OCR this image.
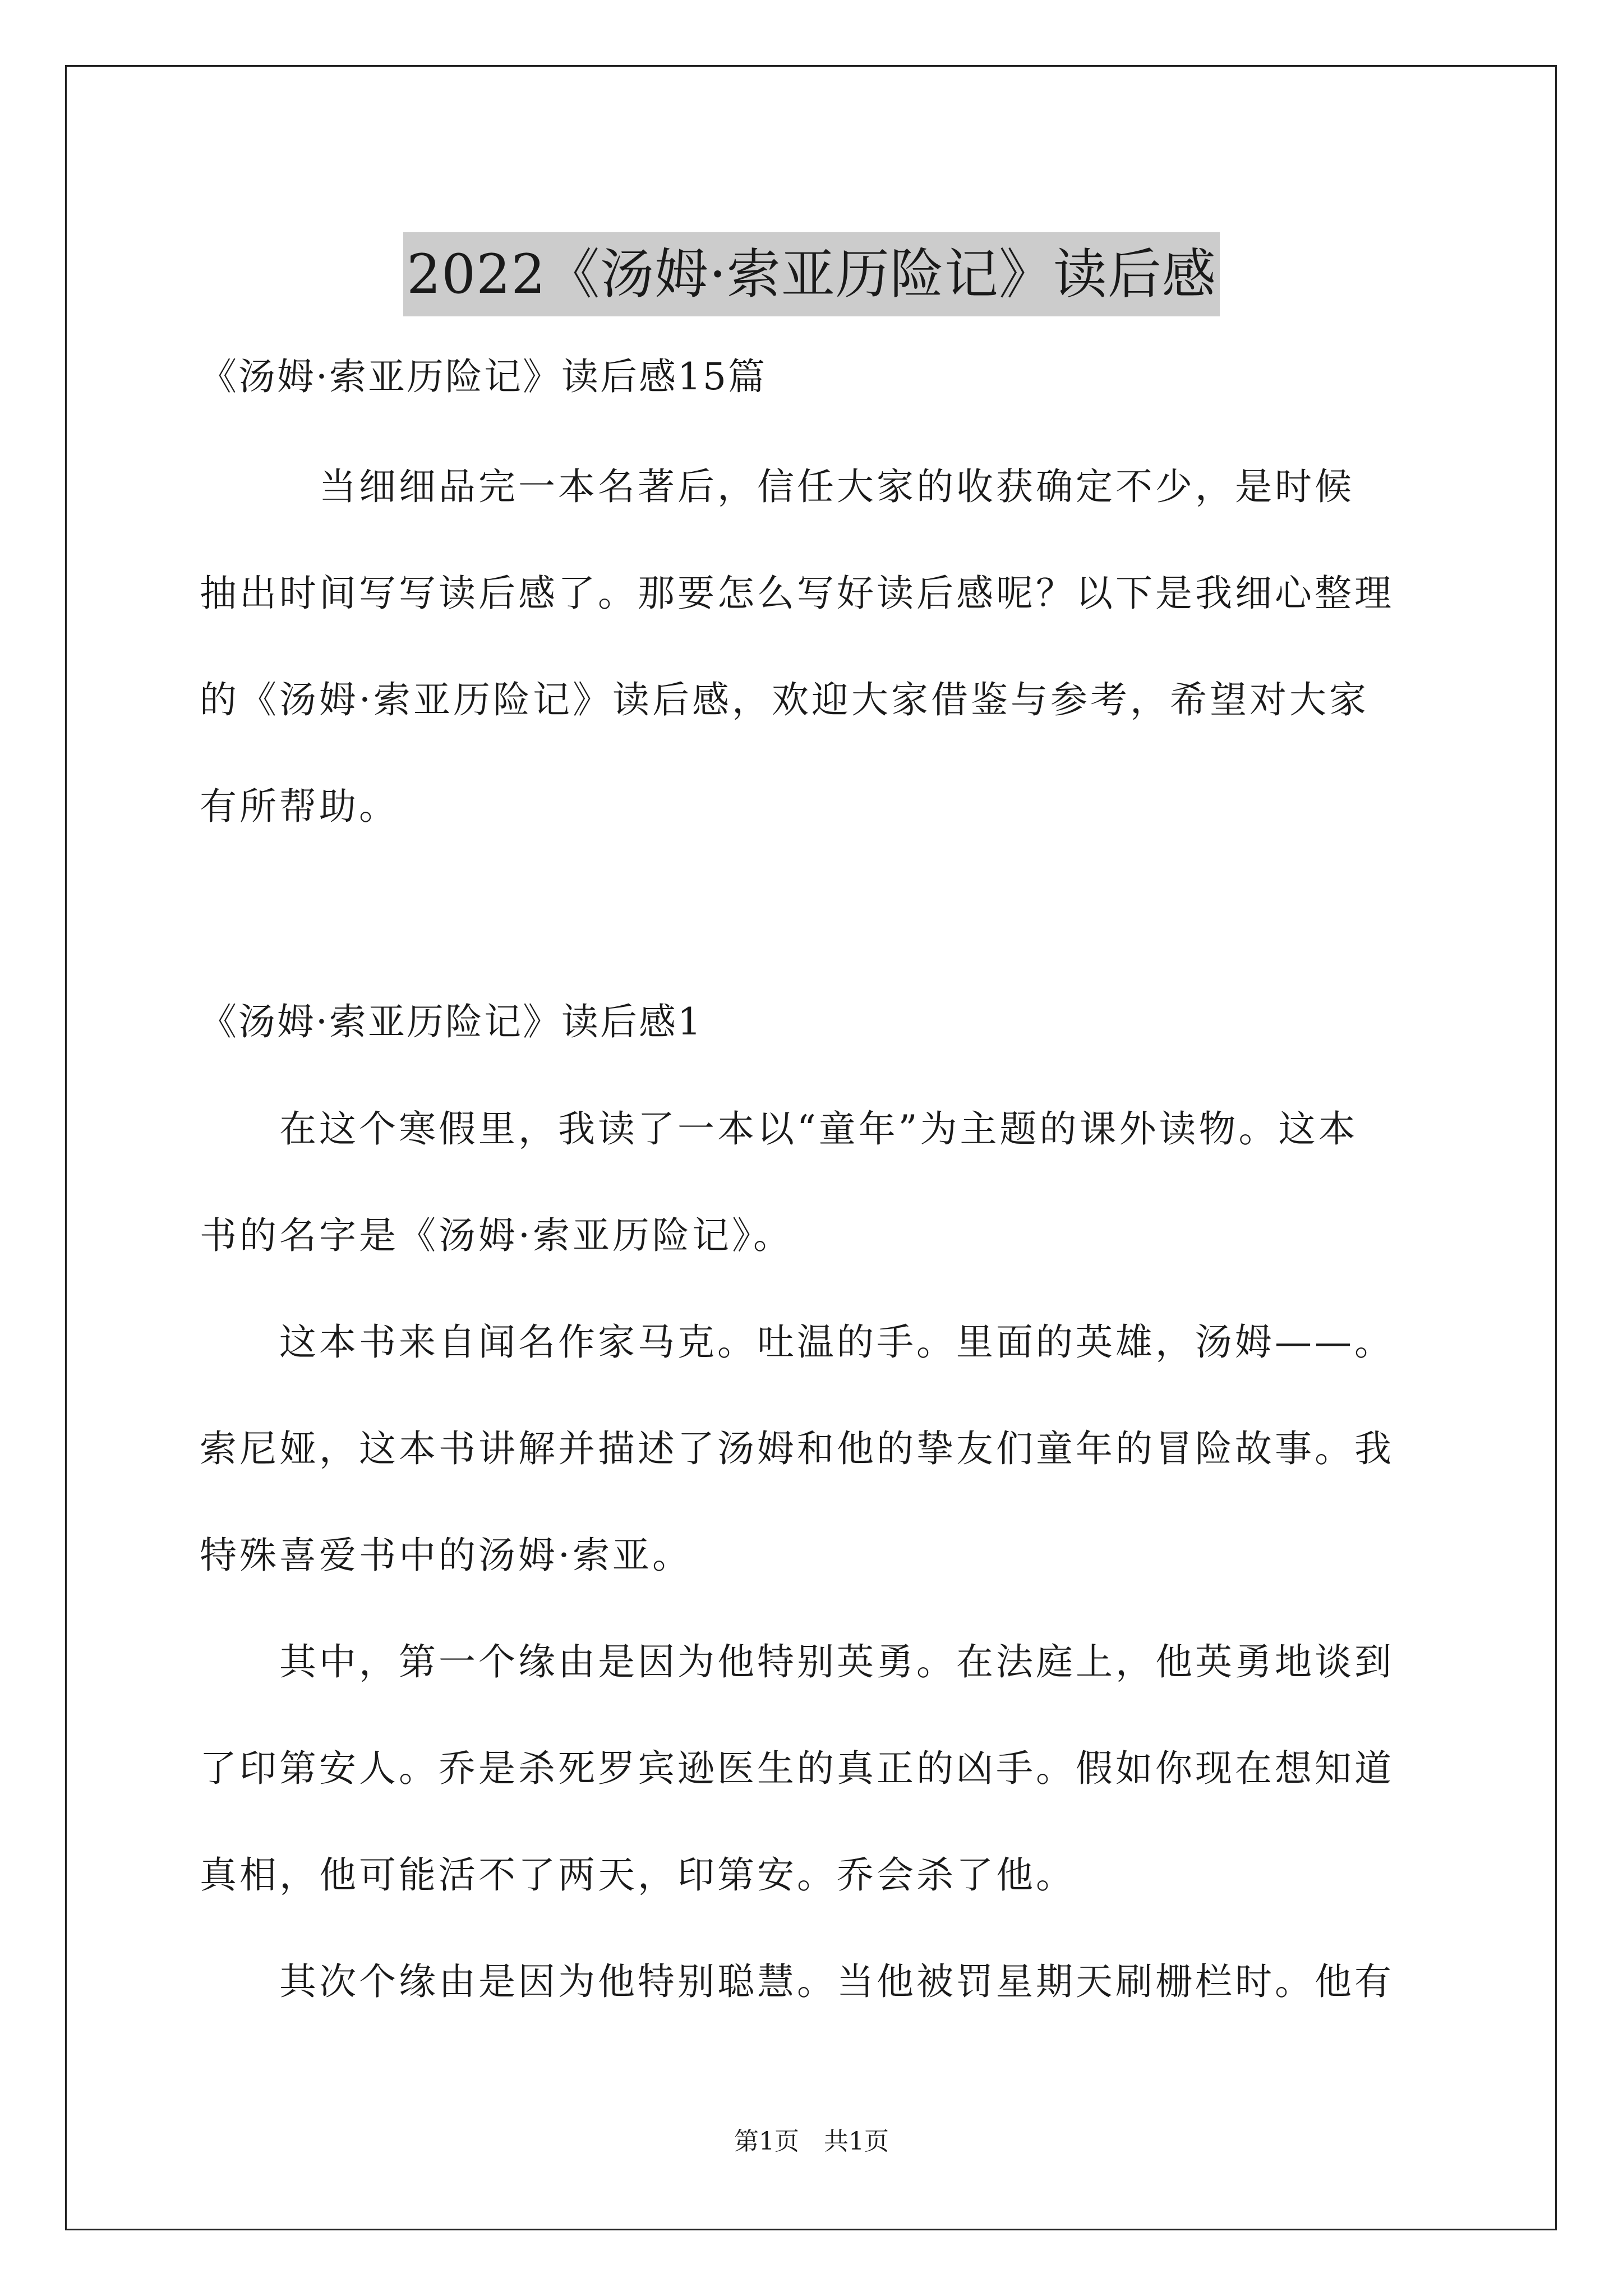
2022《汤姆·索亚历险记》读后感
《汤姆·索亚历险记》读后感15篇
　　　当细细品完一本名著后，信任大家的收获确定不少，是时候
抽出时间写写读后感了。那要怎么写好读后感呢？以下是我细心整理
的《汤姆·索亚历险记》读后感，欢迎大家借鉴与参考，希望对大家
有所帮助。
《汤姆·索亚历险记》读后感1
　　在这个寒假里，我读了一本以“童年”为主题的课外读物。这本
书的名字是《汤姆·索亚历险记》。
　　这本书来自闻名作家马克。吐温的手。里面的英雄，汤姆——。
索尼娅，这本书讲解并描述了汤姆和他的挚友们童年的冒险故事。我
特殊喜爱书中的汤姆·索亚。
　　其中，第一个缘由是因为他特别英勇。在法庭上，他英勇地谈到
了印第安人。乔是杀死罗宾逊医生的真正的凶手。假如你现在想知道
真相，他可能活不了两天，印第安。乔会杀了他。
　　其次个缘由是因为他特别聪慧。当他被罚星期天刷栅栏时。他有
第1页　共1页
